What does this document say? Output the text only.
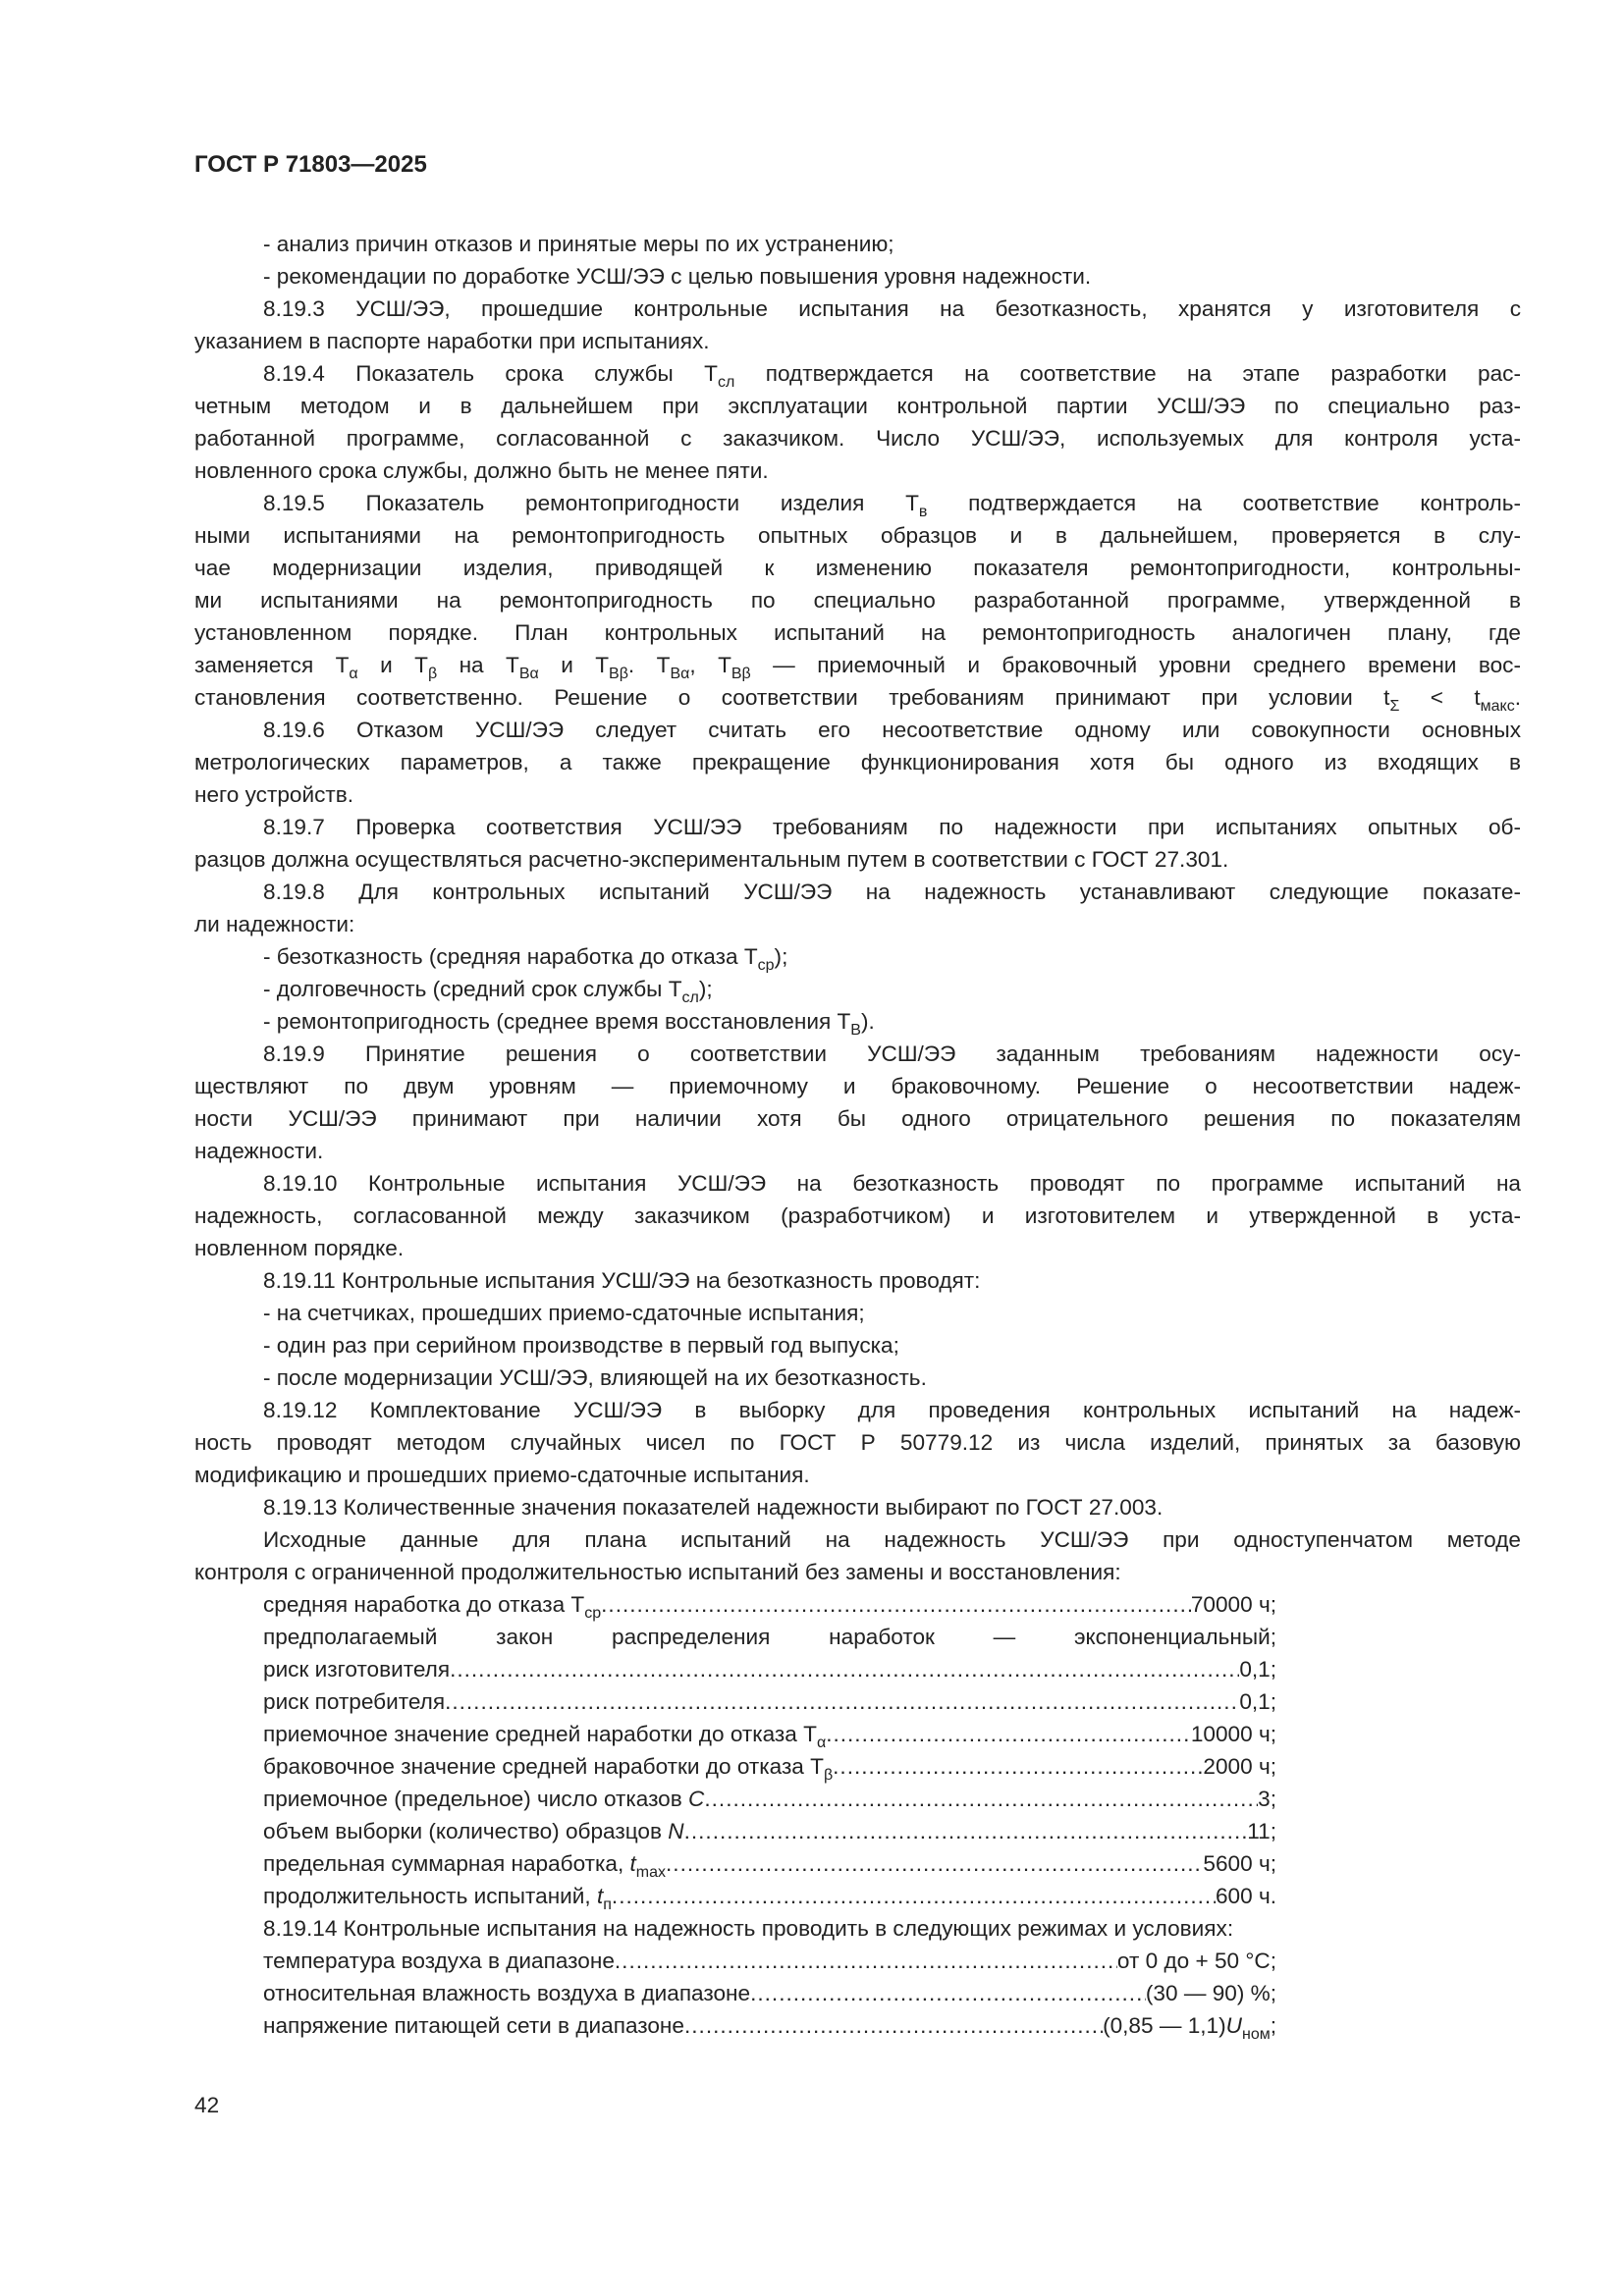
ГОСТ Р 71803—2025
- анализ причин отказов и принятые меры по их устранению;
- рекомендации по доработке УСШ/ЭЭ с целью повышения уровня надежности.
8.19.3 УСШ/ЭЭ, прошедшие контрольные испытания на безотказность, хранятся у изготовителя с
указанием в паспорте наработки при испытаниях.
8.19.4 Показатель срока службы $Т_{сл}$ подтверждается на соответствие на этапе разработки рас-
четным методом и в дальнейшем при эксплуатации контрольной партии УСШ/ЭЭ по специально раз-
работанной программе, согласованной с заказчиком. Число УСШ/ЭЭ, используемых для контроля уста-
новленного срока службы, должно быть не менее пяти.
8.19.5 Показатель ремонтопригодности изделия $Т_в$ подтверждается на соответствие контроль-
ными испытаниями на ремонтопригодность опытных образцов и в дальнейшем, проверяется в слу-
чае модернизации изделия, приводящей к изменению показателя ремонтопригодности, контрольны-
ми испытаниями на ремонтопригодность по специально разработанной программе, утвержденной в
установленном порядке. План контрольных испытаний на ремонтопригодность аналогичен плану, где
заменяется $Т_\alpha$ и $Т_\beta$ на $Т_{В\alpha}$ и $Т_{В\beta}$. $Т_{В\alpha}$, $Т_{В\beta}$ — приемочный и браковочный уровни среднего времени вос-
становления соответственно. Решение о соответствии требованиям принимают при условии $t_\Sigma < t_{макс}$.
8.19.6 Отказом УСШ/ЭЭ следует считать его несоответствие одному или совокупности основных
метрологических параметров, а также прекращение функционирования хотя бы одного из входящих в
него устройств.
8.19.7 Проверка соответствия УСШ/ЭЭ требованиям по надежности при испытаниях опытных об-
разцов должна осуществляться расчетно-экспериментальным путем в соответствии с ГОСТ 27.301.
8.19.8 Для контрольных испытаний УСШ/ЭЭ на надежность устанавливают следующие показате-
ли надежности:
- безотказность (средняя наработка до отказа $Т_{ср}$);
- долговечность (средний срок службы $Т_{сл}$);
- ремонтопригодность (среднее время восстановления $Т_В$).
8.19.9 Принятие решения о соответствии УСШ/ЭЭ заданным требованиям надежности осу-
ществляют по двум уровням — приемочному и браковочному. Решение о несоответствии надеж-
ности УСШ/ЭЭ принимают при наличии хотя бы одного отрицательного решения по показателям
надежности.
8.19.10 Контрольные испытания УСШ/ЭЭ на безотказность проводят по программе испытаний на
надежность, согласованной между заказчиком (разработчиком) и изготовителем и утвержденной в уста-
новленном порядке.
8.19.11 Контрольные испытания УСШ/ЭЭ на безотказность проводят:
- на счетчиках, прошедших приемо-сдаточные испытания;
- один раз при серийном производстве в первый год выпуска;
- после модернизации УСШ/ЭЭ, влияющей на их безотказность.
8.19.12 Комплектование УСШ/ЭЭ в выборку для проведения контрольных испытаний на надеж-
ность проводят методом случайных чисел по ГОСТ Р 50779.12 из числа изделий, принятых за базовую
модификацию и прошедших приемо-сдаточные испытания.
8.19.13 Количественные значения показателей надежности выбирают по ГОСТ 27.003.
Исходные данные для плана испытаний на надежность УСШ/ЭЭ при одноступенчатом методе
контроля с ограниченной продолжительностью испытаний без замены и восстановления:
средняя наработка до отказа $Т_{ср}$ .....	70000 ч;
предполагаемый закон распределения наработок — экспоненциальный;
риск изготовителя .....	0,1;
риск потребителя .....	0,1;
приемочное значение средней наработки до отказа $Т_\alpha$ .....	10000 ч;
браковочное значение средней наработки до отказа $Т_\beta$ .....	2000 ч;
приемочное (предельное) число отказов С .....	3;
объем выборки (количество) образцов N .....	11;
предельная суммарная наработка, $t_{max}$ .....	5600 ч;
продолжительность испытаний, $t_п$ .....	600 ч.
8.19.14 Контрольные испытания на надежность проводить в следующих режимах и условиях:
температура воздуха в диапазоне .....	от 0 до + 50 °С;
относительная влажность воздуха в диапазоне .....	(30 — 90) %;
напряжение питающей сети в диапазоне .....	(0,85 — $1,1)U_{ном}$;
42
